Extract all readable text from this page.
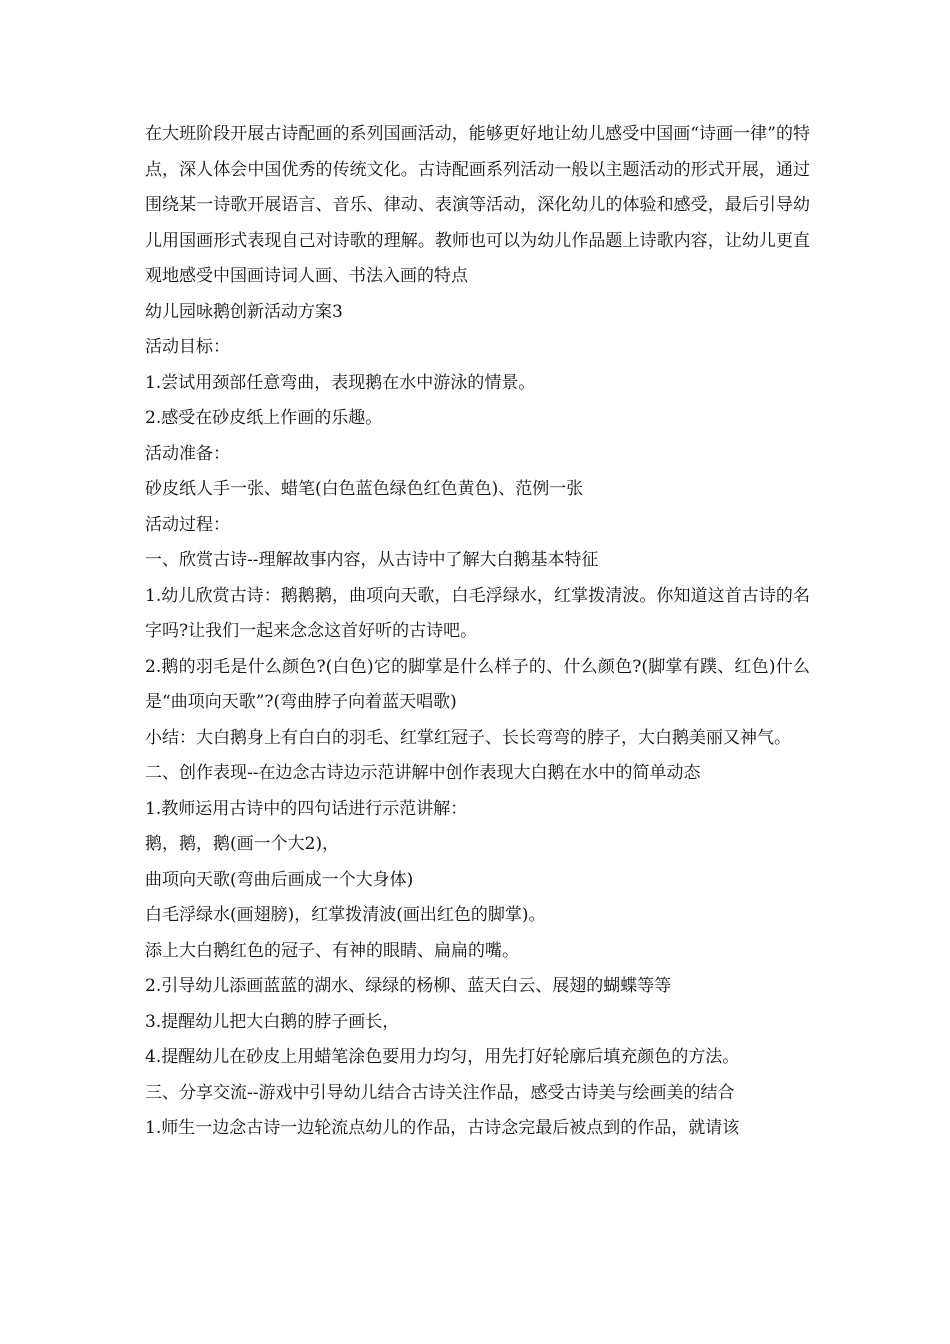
在大班阶段开展古诗配画的系列国画活动，能够更好地让幼儿感受中国画“诗画一律”的特点，深人体会中国优秀的传统文化。古诗配画系列活动一般以主题活动的形式开展，通过围绕某一诗歌开展语言、音乐、律动、表演等活动，深化幼儿的体验和感受，最后引导幼儿用国画形式表现自己对诗歌的理解。教师也可以为幼儿作品题上诗歌内容，让幼儿更直观地感受中国画诗词人画、书法入画的特点

幼儿园咏鹅创新活动方案3

活动目标：

1.尝试用颈部任意弯曲，表现鹅在水中游泳的情景。

2.感受在砂皮纸上作画的乐趣。

活动准备：

砂皮纸人手一张、蜡笔(白色蓝色绿色红色黄色)、范例一张

活动过程：

一、欣赏古诗--理解故事内容，从古诗中了解大白鹅基本特征

1.幼儿欣赏古诗：鹅鹅鹅，曲项向天歌，白毛浮绿水，红掌拨清波。你知道这首古诗的名字吗?让我们一起来念念这首好听的古诗吧。

2.鹅的羽毛是什么颜色?(白色)它的脚掌是什么样子的、什么颜色?(脚掌有蹼、红色)什么是“曲项向天歌”?(弯曲脖子向着蓝天唱歌)

小结：大白鹅身上有白白的羽毛、红掌红冠子、长长弯弯的脖子，大白鹅美丽又神气。

二、创作表现--在边念古诗边示范讲解中创作表现大白鹅在水中的简单动态

1.教师运用古诗中的四句话进行示范讲解：

鹅，鹅，鹅(画一个大2)，

曲项向天歌(弯曲后画成一个大身体)

白毛浮绿水(画翅膀)，红掌拨清波(画出红色的脚掌)。

添上大白鹅红色的冠子、有神的眼睛、扁扁的嘴。

2.引导幼儿添画蓝蓝的湖水、绿绿的杨柳、蓝天白云、展翅的蝴蝶等等

3.提醒幼儿把大白鹅的脖子画长，

4.提醒幼儿在砂皮上用蜡笔涂色要用力均匀，用先打好轮廓后填充颜色的方法。

三、分享交流--游戏中引导幼儿结合古诗关注作品，感受古诗美与绘画美的结合

1.师生一边念古诗一边轮流点幼儿的作品，古诗念完最后被点到的作品，就请该
